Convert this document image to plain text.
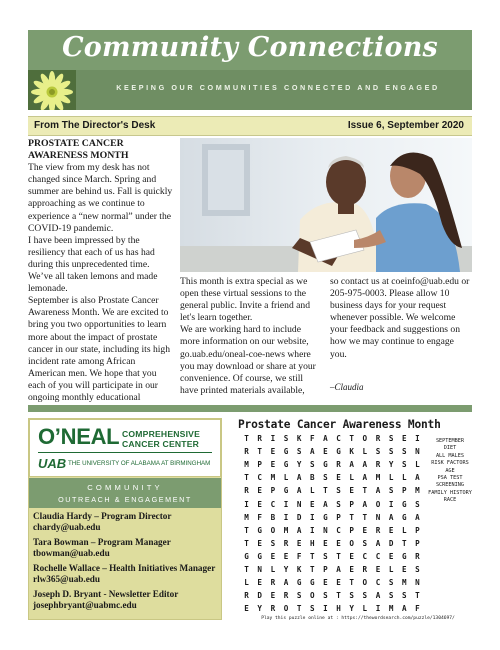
Community Connections
KEEPING OUR COMMUNITIES CONNECTED AND ENGAGED
From The Director's Desk	Issue 6, September 2020
PROSTATE CANCER
AWARENESS MONTH

The view from my desk has not changed since March. Spring and summer are behind us. Fall is quickly approaching as we continue to experience a “new normal” under the COVID-19 pandemic.

I have been impressed by the resiliency that each of us has had during this unprecedented time. We’ve all taken lemons and made lemonade.

September is also Prostate Cancer Awareness Month. We are excited to bring you two opportunities to learn more about the impact of prostate cancer in our state, including its high incident rate among African American men. We hope that you each of you will participate in our ongoing monthly educational

This month is extra special as we open these virtual sessions to the general public. Invite a friend and let's learn together.

We are working hard to include more information on our website, go.uab.edu/oneal-coe-news where you may download or share at your convenience. Of course, we still have printed materials available,

so contact us at coeinfo@uab.edu or 205-975-0003. Please allow 10 business days for your request whenever possible. We welcome your feedback and suggestions on how we may continue to engage you.

–Claudia
O’NEAL COMPREHENSIVE
CANCER CENTER
UAB THE UNIVERSITY OF ALABAMA AT BIRMINGHAM
COMMUNITY
OUTREACH & ENGAGEMENT
Claudia Hardy – Program Director
chardy@uab.edu
Tara Bowman – Program Manager
tbowman@uab.edu
Rochelle Wallace – Health Initiatives Manager
rlw365@uab.edu
Joseph D. Bryant - Newsletter Editor
josephbryant@uabmc.edu
Prostate Cancer Awareness Month
T	R	I	S	K	F	A	C	T	O	R	S	E	I
R	T	E	G	S	A	E	G	K	L	S	S	S	N
M	P	E	G	Y	S	G	R	A	A	R	Y	S	L
T	C	M	L	A	B	S	E	L	A	M	L	L	A
R	E	P	G	A	L	T	S	E	T	A	S	P	M
I	E	C	I	N	E	A	S	P	A	O	I	G	S
M	F	B	I	D	I	G	P	T	T	N	A	G	A
T	G	O	M	A	I	N	C	P	E	R	E	L	P
T	E	S	R	E	H	E	E	O	S	A	D	T	P
G	G	E	E	F	T	S	T	E	C	C	E	G	R
T	N	L	Y	K	T	P	A	E	R	E	L	E	S
L	E	R	A	G	G	E	E	T	O	C	S	M	N
R	D	E	R	S	O	S	T	S	S	A	S	S	T
E	Y	R	O	T	S	I	H	Y	L	I	M	A	F
SEPTEMBER
DIET
ALL MALES
RISK FACTORS
AGE
PSA TEST
SCREENING
FAMILY HISTORY
RACE
Play this puzzle online at : https://thewordsearch.com/puzzle/1304697/
